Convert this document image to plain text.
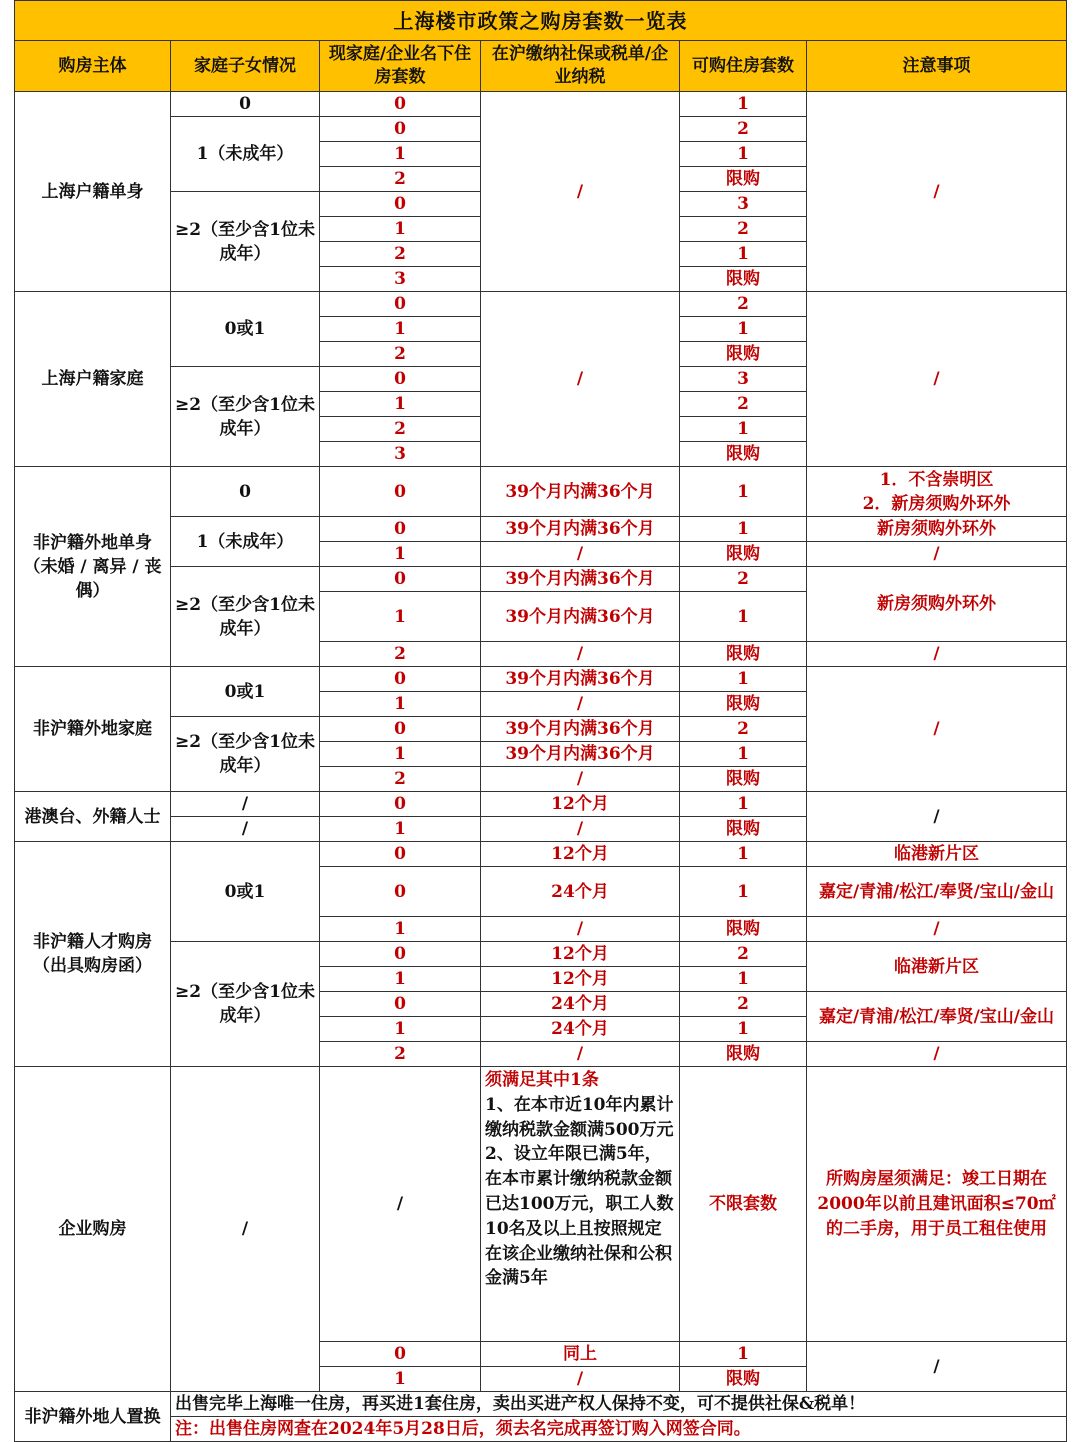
上海楼市政策之购房套数一览表					
购房主体	家庭子女情况	现家庭/企业名下住房套数	在沪缴纳社保或税单/企业纳税	可购住房套数	注意事项
上海户籍单身	0	0	/	1	/
	1（未成年）	0		2	
		1		1	
		2		限购	
	≥2（至少含1位未成年）	0		3	
		1		2	
		2		1	
		3		限购	
上海户籍家庭	0或1	0	/	2	/
		1		1	
		2		限购	
	≥2（至少含1位未成年）	0		3	
		1		2	
		2		1	
		3		限购	
非沪籍外地单身（未婚 / 离异 / 丧偶）	0	0	39个月内满36个月	1	1．不含崇明区
2．新房须购外环外

	1（未成年）	0	39个月内满36个月	1	新房须购外环外
		1	/	限购	/
	≥2（至少含1位未成年）	0	39个月内满36个月	2	新房须购外环外
		1	39个月内满36个月	1	

		2	/	限购	/
非沪籍外地家庭	0或1	0	39个月内满36个月	1	/
		1	/	限购	
	≥2（至少含1位未成年）	0	39个月内满36个月	2	
		1	39个月内满36个月	1	
		2	/	限购	
港澳台、外籍人士	/	0	12个月	1	/
	/	1	/	限购	
非沪籍人才购房（出具购房函）	0或1	0	12个月	1	临港新片区
		0	24个月	1	嘉定/青浦/松江/奉贤/宝山/金山

		1	/	限购	/
	≥2（至少含1位未成年）	0	12个月	2	临港新片区
		1	12个月	1	
		0	24个月	2	嘉定/青浦/松江/奉贤/宝山/金山
		1	24个月	1	
		2	/	限购	/

企业购房	/	/	须满足其中1条
1、在本市近10年内累计缴纳税款金额满500万元
2、设立年限已满5年，在本市累计缴纳税款金额已达100万元，职工人数10名及以上且按照规定在该企业缴纳社保和公积金满5年	不限套数	所购房屋须满足：竣工日期在2000年以前且建讯面积≤70㎡的二手房，用于员工租住使用
		0	同上	1	/
		1	/	限购	
非沪籍外地人置换	出售完毕上海唯一住房，再买进1套住房，卖出买进产权人保持不变，可不提供社保&税单！				
	注：出售住房网查在2024年5月28日后，须去名完成再签订购入网签合同。				
